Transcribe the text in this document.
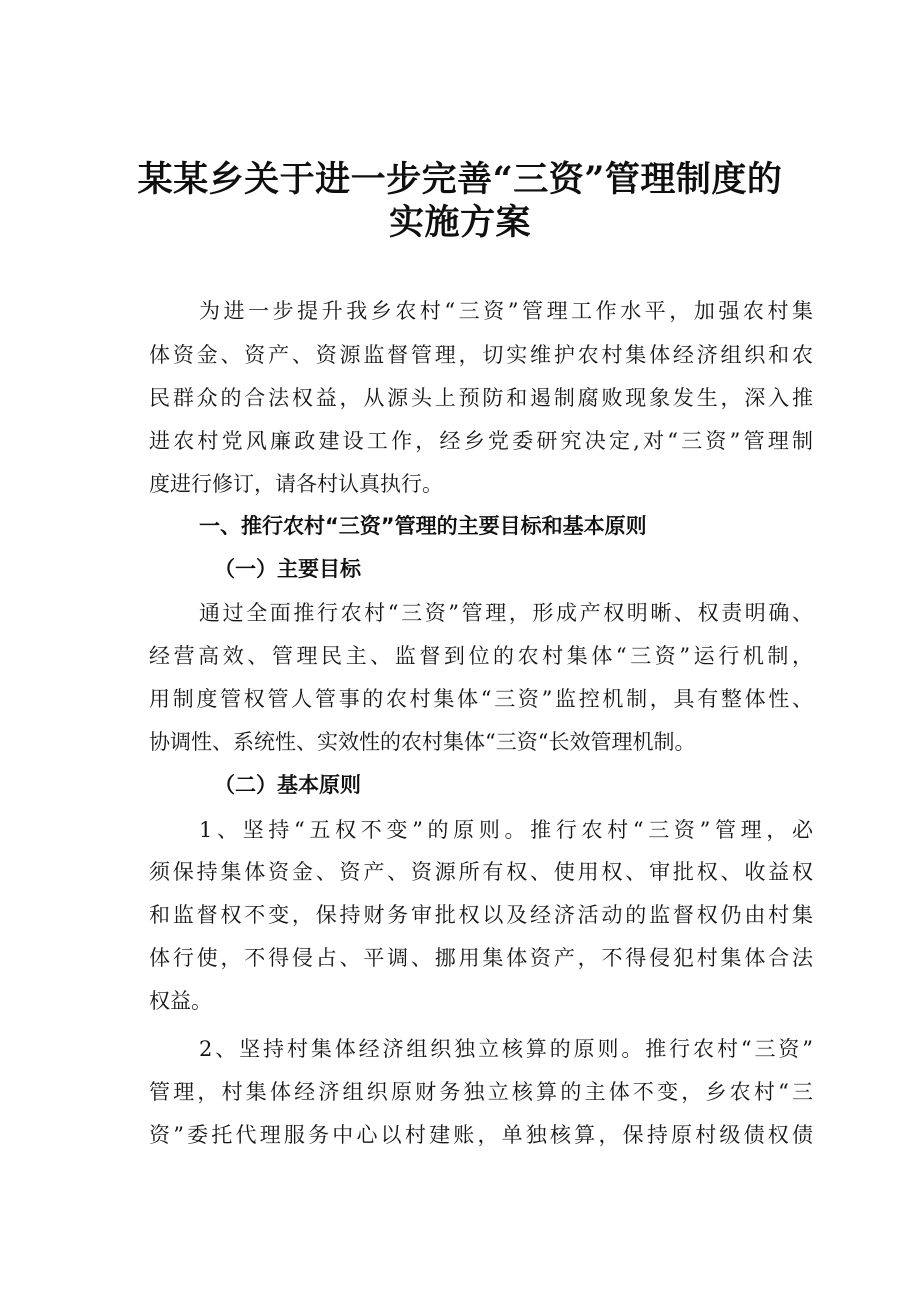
某某乡关于进一步完善“三资”管理制度的
实施方案

为进一步提升我乡农村“三资”管理工作水平，加强农村集

体资金、资产、资源监督管理，切实维护农村集体经济组织和农

民群众的合法权益，从源头上预防和遏制腐败现象发生，深入推

进农村党风廉政建设工作，经乡党委研究决定,对“三资”管理制

度进行修订，请各村认真执行。

一、推行农村“三资”管理的主要目标和基本原则
（一）主要目标

通过全面推行农村“三资”管理，形成产权明晰、权责明确、

经营高效、管理民主、监督到位的农村集体“三资”运行机制，

用制度管权管人管事的农村集体“三资”监控机制，具有整体性、

协调性、系统性、实效性的农村集体“三资“长效管理机制。

（二）基本原则

1、坚持“五权不变”的原则。推行农村“三资”管理，必

须保持集体资金、资产、资源所有权、使用权、审批权、收益权

和监督权不变，保持财务审批权以及经济活动的监督权仍由村集

体行使，不得侵占、平调、挪用集体资产，不得侵犯村集体合法

权益。

2、坚持村集体经济组织独立核算的原则。推行农村“三资”

管理，村集体经济组织原财务独立核算的主体不变，乡农村“三

资”委托代理服务中心以村建账，单独核算，保持原村级债权债
